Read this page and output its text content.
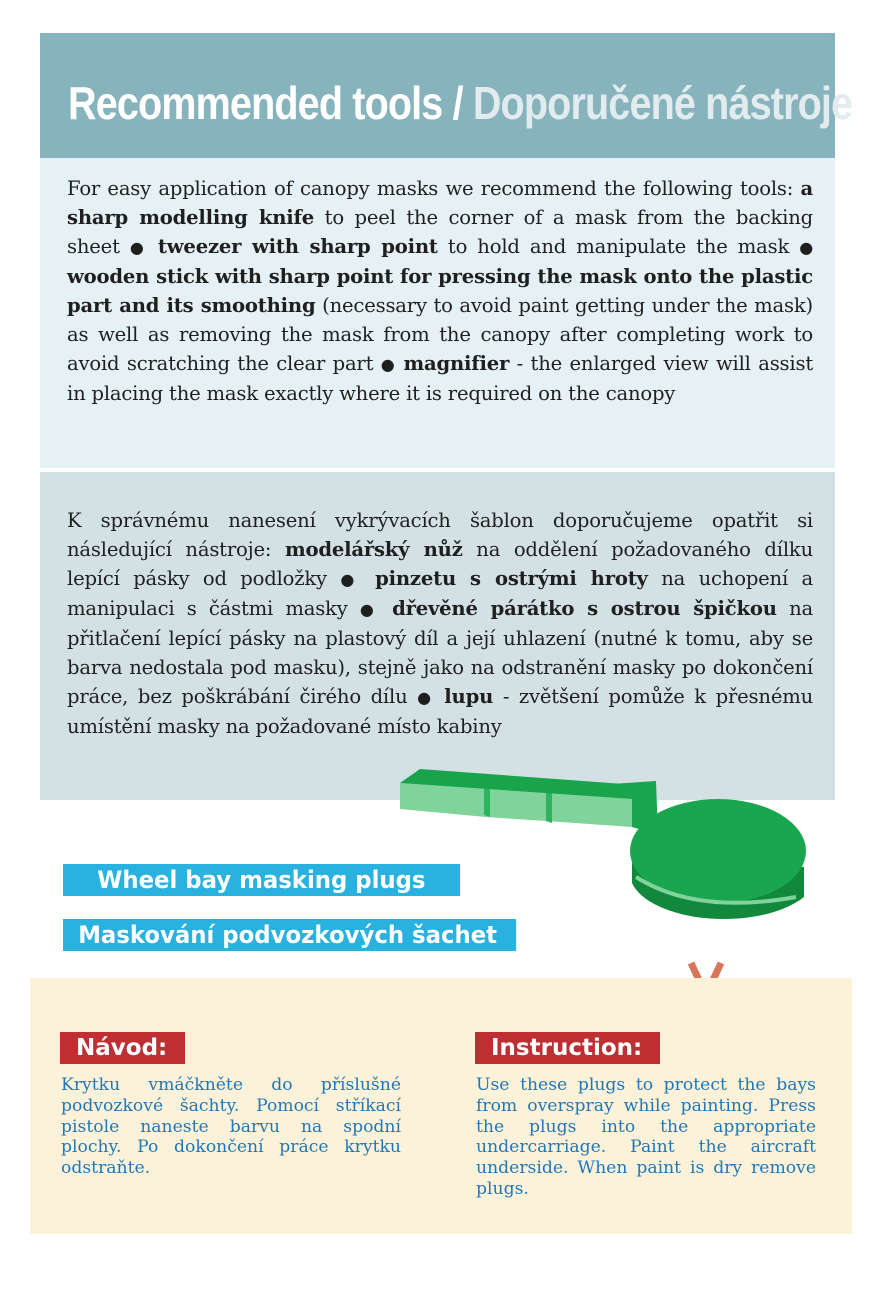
Recommended tools / Doporučené nástroje

For easy application of canopy masks we recommend the following tools: a sharp modelling knife to peel the corner of a mask from the backing sheet ● tweezer with sharp point to hold and manipulate the mask ● wooden stick with sharp point for pressing the mask onto the plastic part and its smoothing (necessary to avoid paint getting under the mask) as well as removing the mask from the canopy after completing work to avoid scratching the clear part ● magnifier - the enlarged view will assist in placing the mask exactly where it is required on the canopy

K správnému nanesení vykrývacích šablon doporučujeme opatřit si následující nástroje: modelářský nůž na oddělení požadovaného dílku lepící pásky od podložky ● pinzetu s ostrými hroty na uchopení a manipulaci s částmi masky ● dřevěné párátko s ostrou špičkou na přitlačení lepící pásky na plastový díl a její uhlazení (nutné k tomu, aby se barva nedostala pod masku), stejně jako na odstranění masky po dokončení práce, bez poškrábání čirého dílu ● lupu - zvětšení pomůže k přesnému umístění masky na požadované místo kabiny

Wheel bay masking plugs
Maskování podvozkových šachet
Návod:
Krytku vmáčkněte do příslušné podvozkové šachty. Pomocí stříkací pistole naneste barvu na spodní plochy. Po dokončení práce krytku odstraňte.
Instruction:
Use these plugs to protect the bays from overspray while painting. Press the plugs into the appropriate undercarriage. Paint the aircraft underside. When paint is dry remove plugs.
